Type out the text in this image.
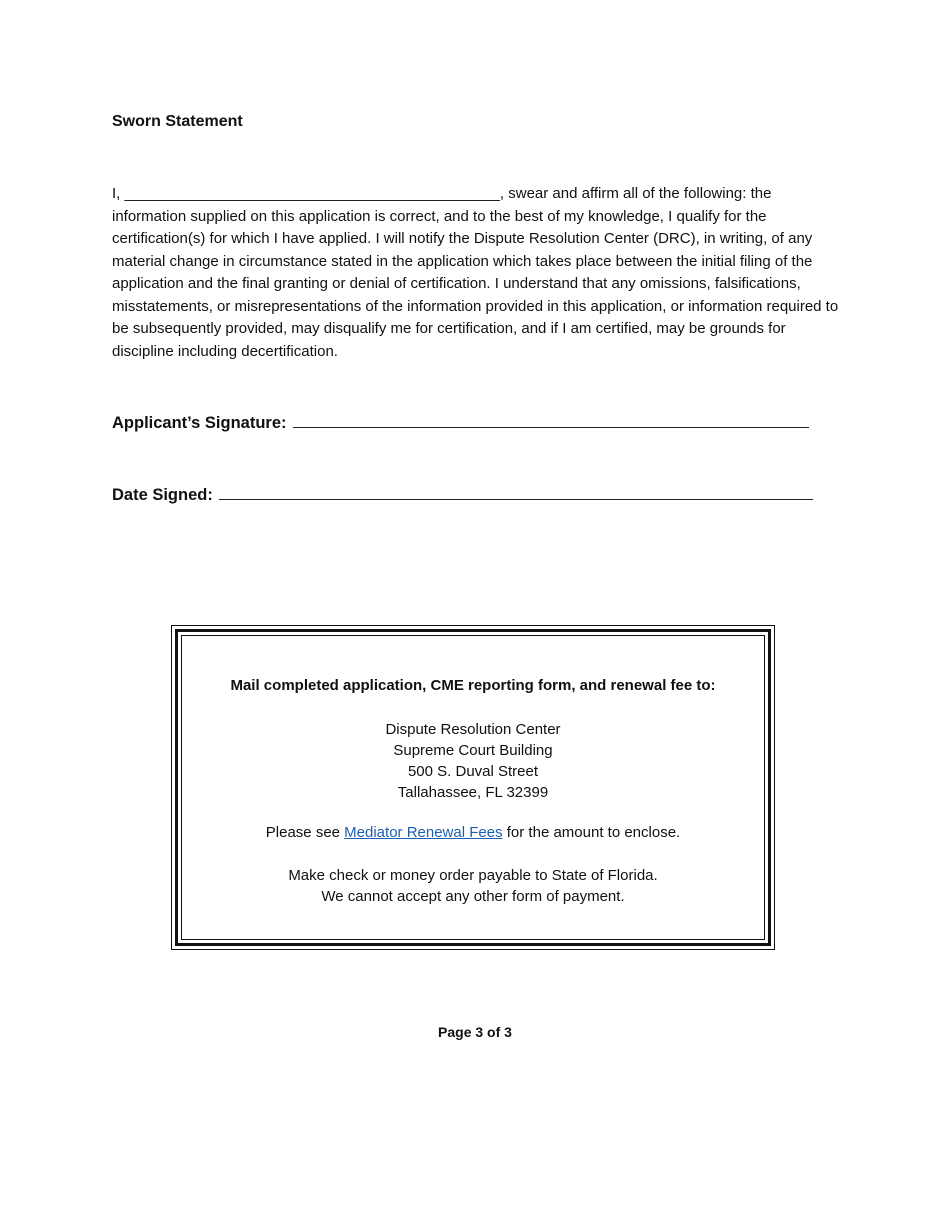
Sworn Statement

I, _____________________________________________, swear and affirm all of the following: the information supplied on this application is correct, and to the best of my knowledge, I qualify for the certification(s) for which I have applied. I will notify the Dispute Resolution Center (DRC), in writing, of any material change in circumstance stated in the application which takes place between the initial filing of the application and the final granting or denial of certification. I understand that any omissions, falsifications, misstatements, or misrepresentations of the information provided in this application, or information required to be subsequently provided, may disqualify me for certification, and if I am certified, may be grounds for discipline including decertification.

Applicant’s Signature:
Date Signed:

Mail completed application, CME reporting form, and renewal fee to:

Dispute Resolution Center
Supreme Court Building
500 S. Duval Street
Tallahassee, FL 32399
Please see Mediator Renewal Fees for the amount to enclose.
Make check or money order payable to State of Florida.
We cannot accept any other form of payment.
Page 3 of 3
